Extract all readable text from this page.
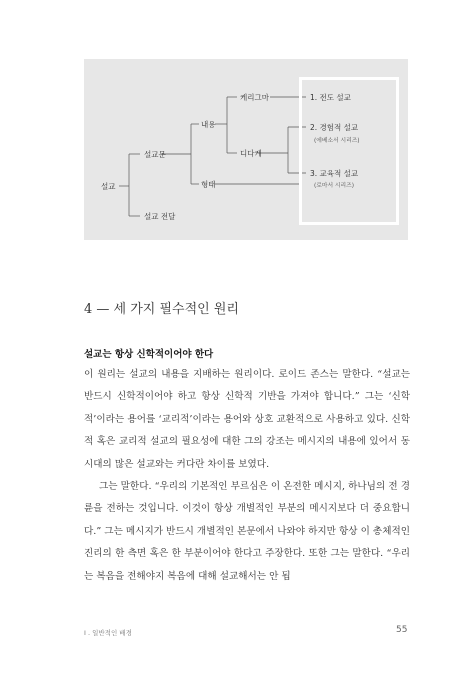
설교
설교문
설교 전달
내용
형태
케리그마
디다케
1. 전도 설교
2. 경험적 설교
(에베소서 시리즈)
3. 교육적 설교
(로마서 시리즈)
4 — 세 가지 필수적인 원리
설교는 항상 신학적이어야 한다

이 원리는 설교의 내용을 지배하는 원리이다. 로이드 존스는 말한다. “설교는 반드시 신학적이어야 하고 항상 신학적 기반을 가져야 합니다.” 그는 ‘신학적’이라는 용어를 ‘교리적’이라는 용어와 상호 교환적으로 사용하고 있다. 신학적 혹은 교리적 설교의 필요성에 대한 그의 강조는 메시지의 내용에 있어서 동시대의 많은 설교와는 커다란 차이를 보였다.

그는 말한다. “우리의 기본적인 부르심은 이 온전한 메시지, 하나님의 전 경륜을 전하는 것입니다. 이것이 항상 개별적인 부분의 메시지보다 더 중요합니다.” 그는 메시지가 반드시 개별적인 본문에서 나와야 하지만 항상 이 총체적인 진리의 한 측면 혹은 한 부분이어야 한다고 주장한다. 또한 그는 말한다. “우리는 복음을 전해야지 복음에 대해 설교해서는 안 됩

I . 일반적인 배경	55
